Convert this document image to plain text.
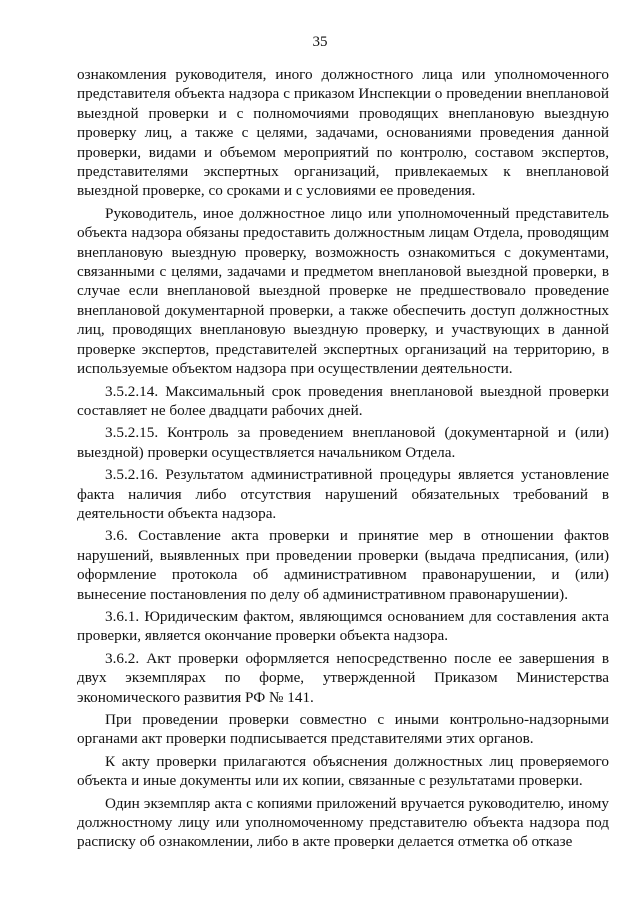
35

ознакомления руководителя, иного должностного лица или уполномоченного представителя объекта надзора с приказом Инспекции о проведении внеплановой выездной проверки и с полномочиями проводящих внеплановую выездную проверку лиц, а также с целями, задачами, основаниями проведения данной проверки, видами и объемом мероприятий по контролю, составом экспертов, представителями экспертных организаций, привлекаемых к внеплановой выездной проверке, со сроками и с условиями ее проведения.

Руководитель, иное должностное лицо или уполномоченный представитель объекта надзора обязаны предоставить должностным лицам Отдела, проводящим внеплановую выездную проверку, возможность ознакомиться с документами, связанными с целями, задачами и предметом внеплановой выездной проверки, в случае если внеплановой выездной проверке не предшествовало проведение внеплановой документарной проверки, а также обеспечить доступ должностных лиц, проводящих внеплановую выездную проверку, и участвующих в данной проверке экспертов, представителей экспертных организаций на территорию, в используемые объектом надзора при осуществлении деятельности.

3.5.2.14. Максимальный срок проведения внеплановой выездной проверки составляет не более двадцати рабочих дней.

3.5.2.15. Контроль за проведением внеплановой (документарной и (или) выездной) проверки осуществляется начальником Отдела.

3.5.2.16. Результатом административной процедуры является установление факта наличия либо отсутствия нарушений обязательных требований в деятельности объекта надзора.

3.6. Составление акта проверки и принятие мер в отношении фактов нарушений, выявленных при проведении проверки (выдача предписания, (или) оформление протокола об административном правонарушении, и (или) вынесение постановления по делу об административном правонарушении).

3.6.1. Юридическим фактом, являющимся основанием для составления акта проверки, является окончание проверки объекта надзора.

3.6.2. Акт проверки оформляется непосредственно после ее завершения в двух экземплярах по форме, утвержденной Приказом Министерства экономического развития РФ № 141.

При проведении проверки совместно с иными контрольно-надзорными органами акт проверки подписывается представителями этих органов.

К акту проверки прилагаются объяснения должностных лиц проверяемого объекта и иные документы или их копии, связанные с результатами проверки.

Один экземпляр акта с копиями приложений вручается руководителю, иному должностному лицу или уполномоченному представителю объекта надзора под расписку об ознакомлении, либо в акте проверки делается отметка об отказе
